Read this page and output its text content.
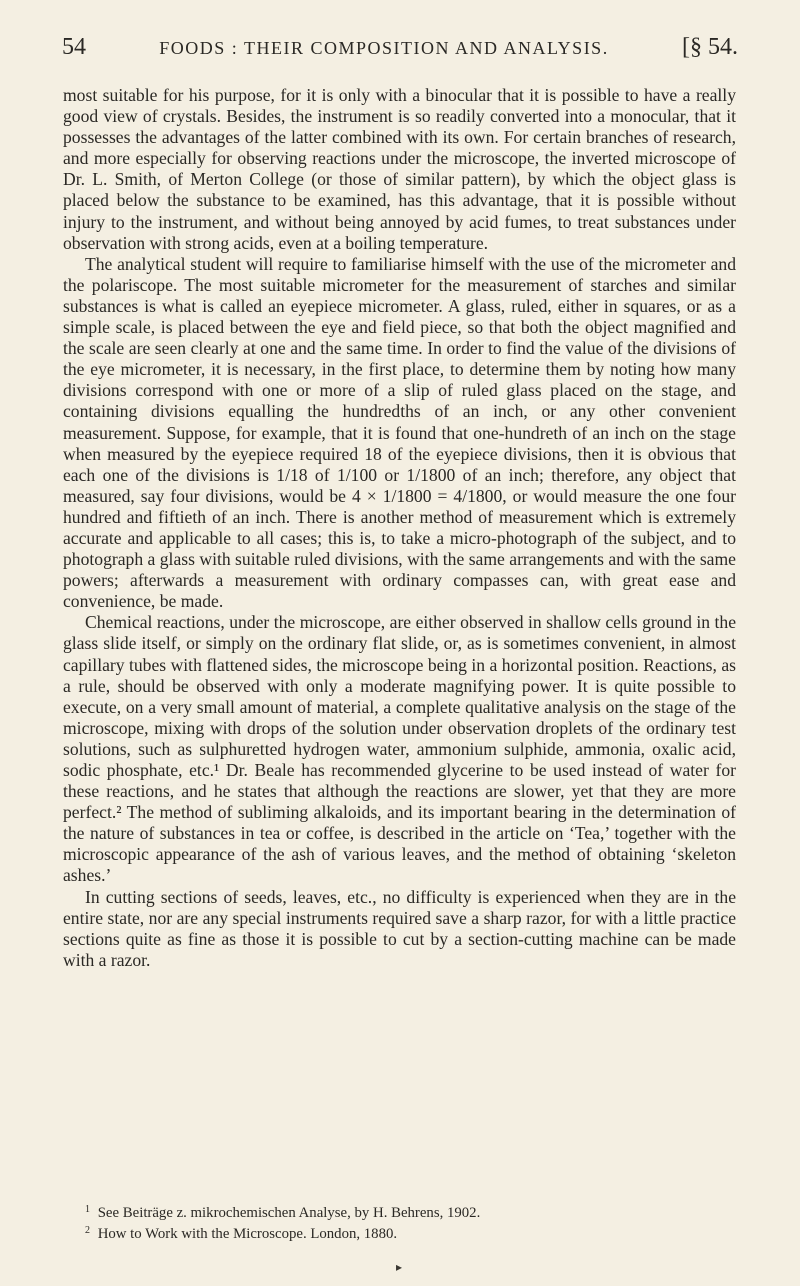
54	FOODS : THEIR COMPOSITION AND ANALYSIS.	[§ 54.

most suitable for his purpose, for it is only with a binocular that it is possible to have a really good view of crystals. Besides, the instrument is so readily converted into a monocular, that it possesses the advantages of the latter combined with its own. For certain branches of research, and more especially for observing reactions under the microscope, the inverted microscope of Dr. L. Smith, of Merton College (or those of similar pattern), by which the object glass is placed below the substance to be examined, has this advantage, that it is possible without injury to the instrument, and without being annoyed by acid fumes, to treat substances under observation with strong acids, even at a boiling temperature.

The analytical student will require to familiarise himself with the use of the micrometer and the polariscope. The most suitable micrometer for the measurement of starches and similar substances is what is called an eyepiece micrometer. A glass, ruled, either in squares, or as a simple scale, is placed between the eye and field piece, so that both the object magnified and the scale are seen clearly at one and the same time. In order to find the value of the divisions of the eye micrometer, it is necessary, in the first place, to determine them by noting how many divisions correspond with one or more of a slip of ruled glass placed on the stage, and containing divisions equalling the hundredths of an inch, or any other convenient measurement. Suppose, for example, that it is found that one-hundreth of an inch on the stage when measured by the eyepiece required 18 of the eyepiece divisions, then it is obvious that each one of the divisions is 1/18 of 1/100 or 1/1800 of an inch; therefore, any object that measured, say four divisions, would be 4 × 1/1800 = 4/1800, or would measure the one four hundred and fiftieth of an inch. There is another method of measurement which is extremely accurate and applicable to all cases; this is, to take a micro-photograph of the subject, and to photograph a glass with suitable ruled divisions, with the same arrangements and with the same powers; afterwards a measurement with ordinary compasses can, with great ease and convenience, be made.

Chemical reactions, under the microscope, are either observed in shallow cells ground in the glass slide itself, or simply on the ordinary flat slide, or, as is sometimes convenient, in almost capillary tubes with flattened sides, the microscope being in a horizontal position. Reactions, as a rule, should be observed with only a moderate magnifying power. It is quite possible to execute, on a very small amount of material, a complete qualitative analysis on the stage of the microscope, mixing with drops of the solution under observation droplets of the ordinary test solutions, such as sulphuretted hydrogen water, ammonium sulphide, ammonia, oxalic acid, sodic phosphate, etc.¹ Dr. Beale has recommended glycerine to be used instead of water for these reactions, and he states that although the reactions are slower, yet that they are more perfect.² The method of subliming alkaloids, and its important bearing in the determination of the nature of substances in tea or coffee, is described in the article on ‘Tea,’ together with the microscopic appearance of the ash of various leaves, and the method of obtaining ‘skeleton ashes.’

In cutting sections of seeds, leaves, etc., no difficulty is experienced when they are in the entire state, nor are any special instruments required save a sharp razor, for with a little practice sections quite as fine as those it is possible to cut by a section-cutting machine can be made with a razor.

$^1$ See Beiträge z. mikrochemischen Analyse, by H. Behrens, 1902.

$^2$ How to Work with the Microscope. London, 1880.

▸
